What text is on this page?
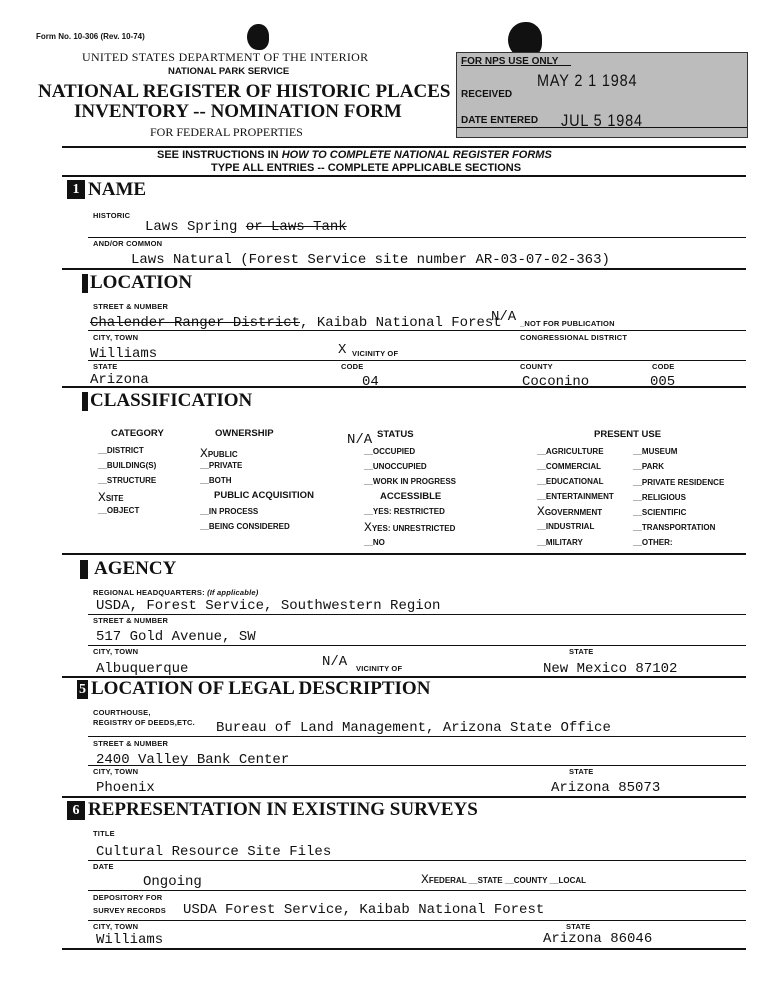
Form No. 10-306 (Rev. 10-74)
UNITED STATES DEPARTMENT OF THE INTERIOR
NATIONAL PARK SERVICE
NATIONAL REGISTER OF HISTORIC PLACES
INVENTORY -- NOMINATION FORM
FOR FEDERAL PROPERTIES
FOR NPS USE ONLY
RECEIVED
MAY 2 1 1984
DATE ENTERED JUL 5 1984
SEE INSTRUCTIONS IN HOW TO COMPLETE NATIONAL REGISTER FORMS
TYPE ALL ENTRIES -- COMPLETE APPLICABLE SECTIONS
1 NAME
HISTORIC
Laws Spring or Laws Tank
AND/OR COMMON
Laws Natural (Forest Service site number AR-03-07-02-363)
LOCATION
STREET & NUMBER
Chalender Ranger District, Kaibab National Forest
N/A _NOT FOR PUBLICATION
CITY, TOWN	CONGRESSIONAL DISTRICT
Williams	X VICINITY OF
STATE	CODE	COUNTY	CODE
Arizona	04	Coconino	005
CLASSIFICATION
CATEGORY	OWNERSHIP	N/A STATUS	PRESENT USE
__DISTRICT
__BUILDING(S)
__STRUCTURE
XSITE
__OBJECT
XPUBLIC
__PRIVATE
__BOTH
PUBLIC ACQUISITION
__IN PROCESS
__BEING CONSIDERED
__OCCUPIED
__UNOCCUPIED
__WORK IN PROGRESS
ACCESSIBLE
__YES: RESTRICTED
XYES: UNRESTRICTED
__NO
__AGRICULTURE
__COMMERCIAL
__EDUCATIONAL
__ENTERTAINMENT
XGOVERNMENT
__INDUSTRIAL
__MILITARY
__MUSEUM
__PARK
__PRIVATE RESIDENCE
__RELIGIOUS
__SCIENTIFIC
__TRANSPORTATION
__OTHER:
AGENCY
REGIONAL HEADQUARTERS: (If applicable)
USDA, Forest Service, Southwestern Region
STREET & NUMBER
517 Gold Avenue, SW
CITY, TOWN	STATE
Albuquerque	N/A VICINITY OF	New Mexico 87102
5 LOCATION OF LEGAL DESCRIPTION
COURTHOUSE,
REGISTRY OF DEEDS,ETC. Bureau of Land Management, Arizona State Office
STREET & NUMBER
2400 Valley Bank Center
CITY, TOWN	STATE
Phoenix	Arizona 85073
6 REPRESENTATION IN EXISTING SURVEYS
TITLE
Cultural Resource Site Files
DATE
Ongoing	XFEDERAL __STATE __COUNTY __LOCAL
DEPOSITORY FOR
SURVEY RECORDS USDA Forest Service, Kaibab National Forest
CITY, TOWN	STATE
Williams	Arizona 86046
